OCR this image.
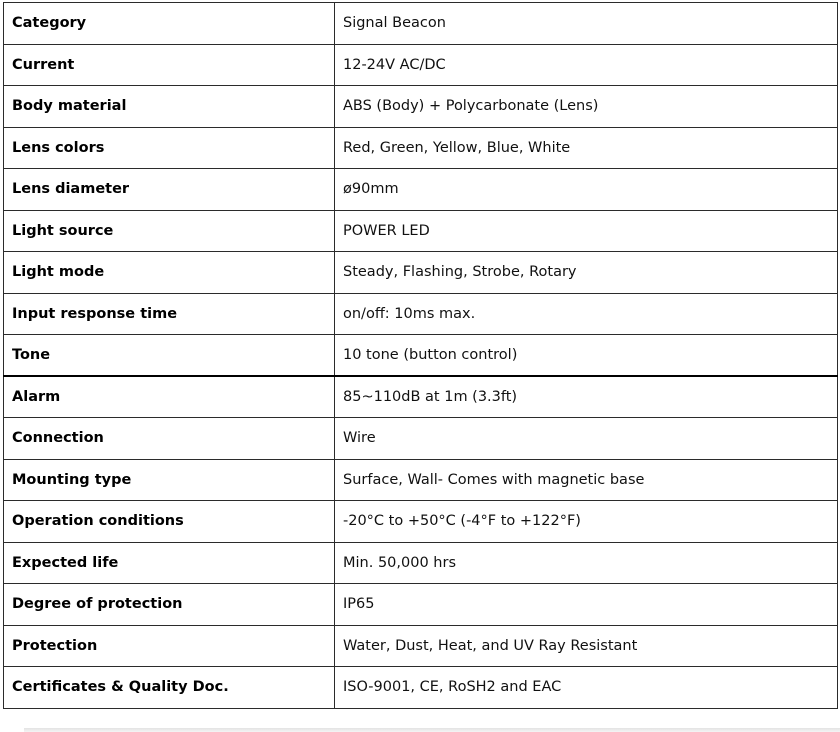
Category	Signal Beacon
Current	12-24V AC/DC
Body material	ABS (Body) + Polycarbonate (Lens)
Lens colors	Red, Green, Yellow, Blue, White
Lens diameter	ø90mm
Light source	POWER LED
Light mode	Steady, Flashing, Strobe, Rotary
Input response time	on/off: 10ms max.
Tone	10 tone (button control)
Alarm	85~110dB at 1m (3.3ft)
Connection	Wire
Mounting type	Surface, Wall- Comes with magnetic base
Operation conditions	-20°C to +50°C (-4°F to +122°F)
Expected life	Min. 50,000 hrs
Degree of protection	IP65
Protection	Water, Dust, Heat, and UV Ray Resistant
Certificates & Quality Doc.	ISO-9001, CE, RoSH2 and EAC
